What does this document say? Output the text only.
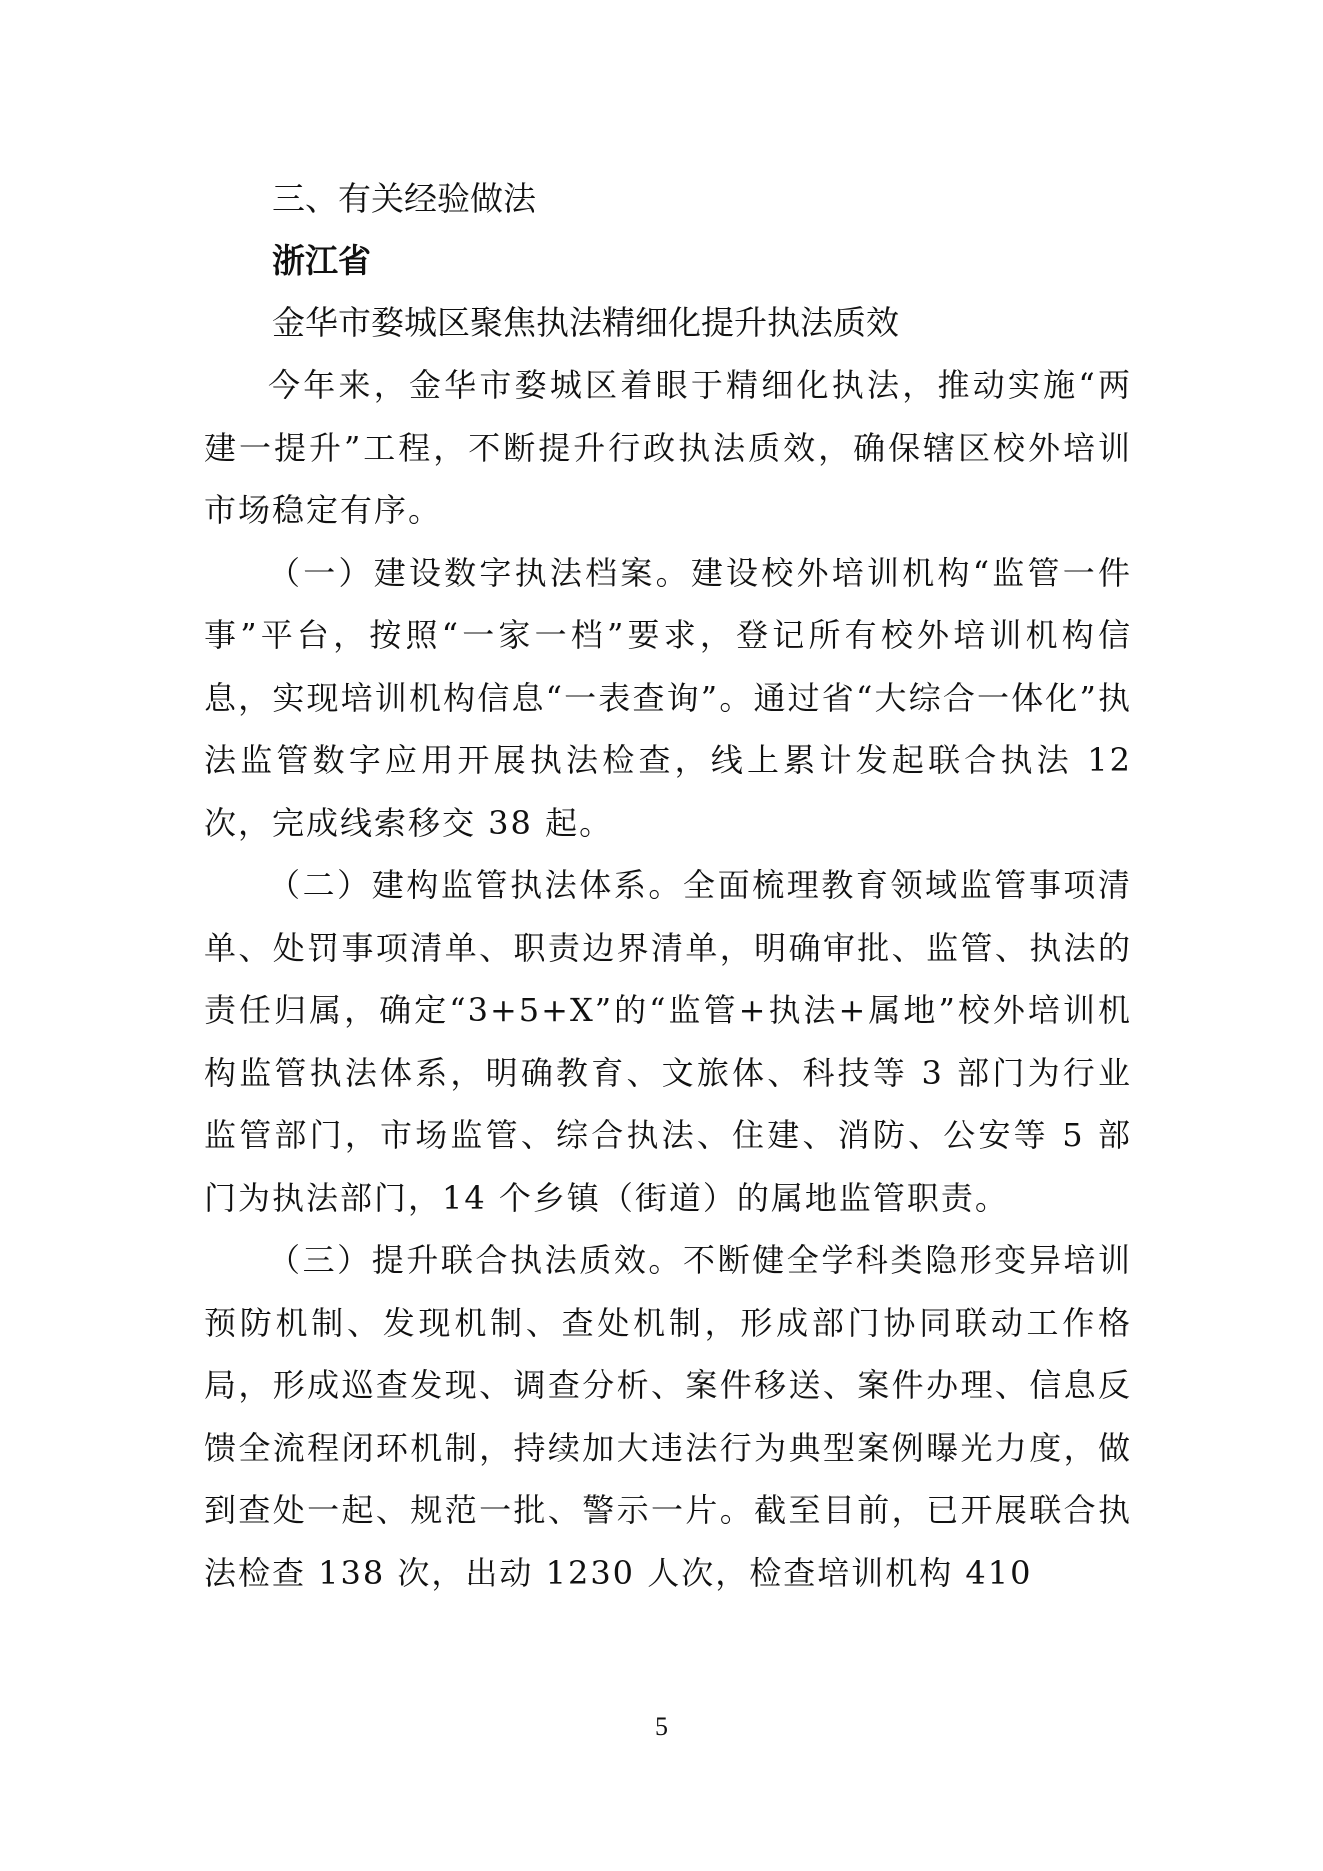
三、有关经验做法

浙江省

金华市婺城区聚焦执法精细化提升执法质效

今年来，金华市婺城区着眼于精细化执法，推动实施“两建一提升”工程，不断提升行政执法质效，确保辖区校外培训市场稳定有序。

（一）建设数字执法档案。建设校外培训机构“监管一件事”平台，按照“一家一档”要求，登记所有校外培训机构信息，实现培训机构信息“一表查询”。通过省“大综合一体化”执法监管数字应用开展执法检查，线上累计发起联合执法 12 次，完成线索移交 38 起。

（二）建构监管执法体系。全面梳理教育领域监管事项清单、处罚事项清单、职责边界清单，明确审批、监管、执法的责任归属，确定“3+5+X”的“监管+执法+属地”校外培训机构监管执法体系，明确教育、文旅体、科技等 3 部门为行业监管部门，市场监管、综合执法、住建、消防、公安等 5 部门为执法部门，14 个乡镇（街道）的属地监管职责。

（三）提升联合执法质效。不断健全学科类隐形变异培训预防机制、发现机制、查处机制，形成部门协同联动工作格局，形成巡查发现、调查分析、案件移送、案件办理、信息反馈全流程闭环机制，持续加大违法行为典型案例曝光力度，做到查处一起、规范一批、警示一片。截至目前，已开展联合执法检查 138 次，出动 1230 人次，检查培训机构 410

5
